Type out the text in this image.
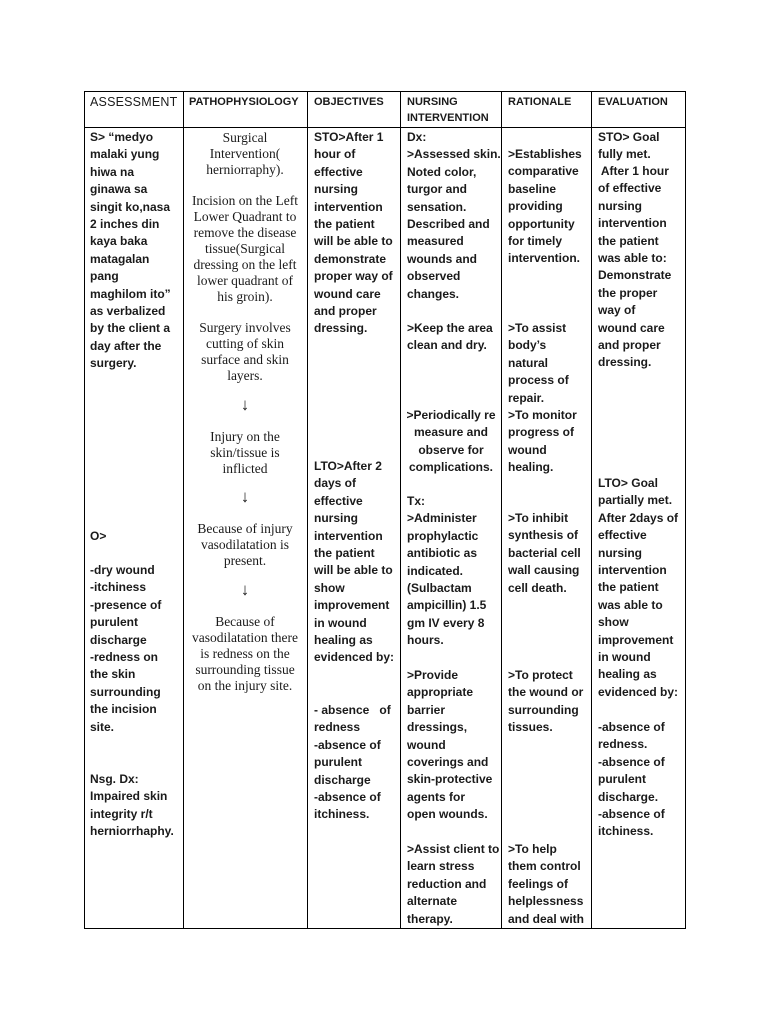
ASSESSMENT PATHOPHYSIOLOGY OBJECTIVES NURSING
INTERVENTION
RATIONALE EVALUATION
S> “medyo
malaki yung
hiwa na
ginawa sa
singit ko,nasa
2 inches din
kaya baka
matagalan
pang
maghilom ito”
as verbalized
by the client a
day after the
surgery.
O>
-dry wound
-itchiness
-presence of
purulent
discharge
-redness on
the skin
surrounding
the incision
site.
Nsg. Dx:
Impaired skin
integrity r/t
herniorrhaphy.
Surgical
Intervention(
herniorraphy).
Incision on the Left
Lower Quadrant to
remove the disease
tissue(Surgical
dressing on the left
lower quadrant of
his groin).
Surgery involves
cutting of skin
surface and skin
layers.
↓
Injury on the
skin/tissue is
inflicted
↓
Because of injury
vasodilatation is
present.
↓
Because of
vasodilatation there
is redness on the
surrounding tissue
on the injury site.
STO>After 1
hour of
effective
nursing
intervention
the patient
will be able to
demonstrate
proper way of
wound care
and proper
dressing.
LTO>After 2
days of
effective
nursing
intervention
the patient
will be able to
show
improvement
in wound
healing as
evidenced by:
- absence   of
redness
-absence of
purulent
discharge
-absence of
itchiness.
Dx:
>Assessed skin.
Noted color,
turgor and
sensation.
Described and
measured
wounds and
observed
changes.
>Keep the area
clean and dry.
>Periodically re
measure and
observe for
complications.
Tx:
>Administer
prophylactic
antibiotic as
indicated.
(Sulbactam
ampicillin) 1.5
gm IV every 8
hours.
>Provide
appropriate
barrier
dressings,
wound
coverings and
skin-protective
agents for
open wounds.
>Assist client to
learn stress
reduction and
alternate
therapy.
>Establishes
comparative
baseline
providing
opportunity
for timely
intervention.
>To assist
body’s
natural
process of
repair.
>To monitor
progress of
wound
healing.
>To inhibit
synthesis of
bacterial cell
wall causing
cell death.
>To protect
the wound or
surrounding
tissues.
>To help
them control
feelings of
helplessness
and deal with
STO> Goal
fully met.
After 1 hour
of effective
nursing
intervention
the patient
was able to:
Demonstrate
the proper
way of
wound care
and proper
dressing.
LTO> Goal
partially met.
After 2days of
effective
nursing
intervention
the patient
was able to
show
improvement
in wound
healing as
evidenced by:
-absence of
redness.
-absence of
purulent
discharge.
-absence of
itchiness.
